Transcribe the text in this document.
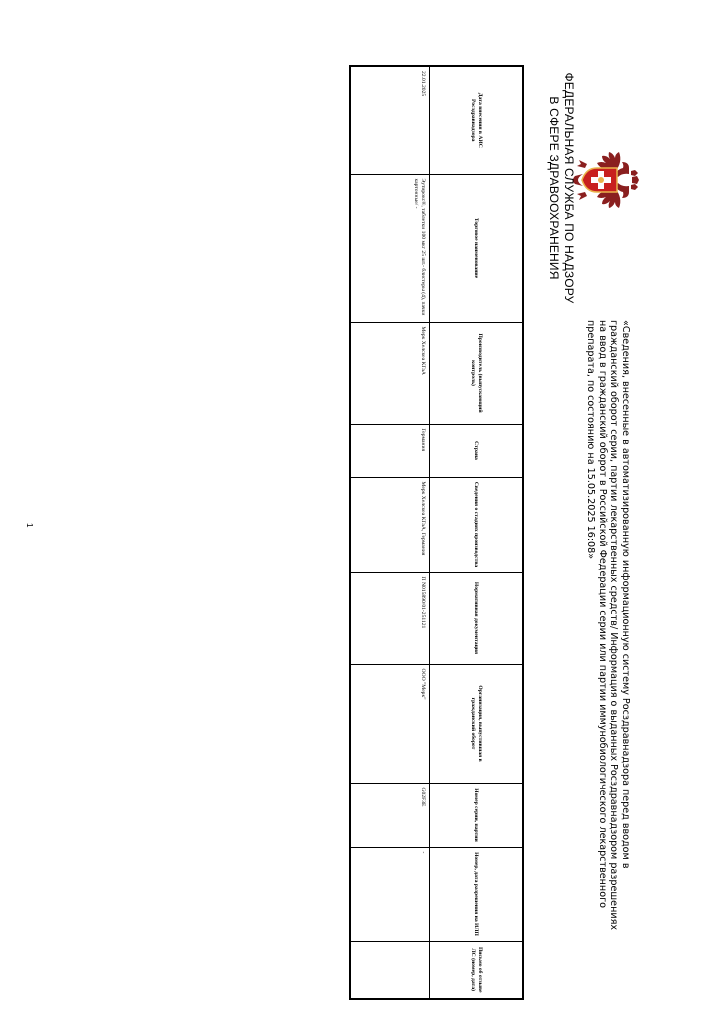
ФЕДЕРАЛЬНАЯ СЛУЖБА ПО НАДЗОРУ
В СФЕРЕ ЗДРАВООХРАНЕНИЯ
«Сведения, внесенные в автоматизированную информационную систему Росздравнадзора перед вводом в
гражданский оборот серии, партии лекарственных средств/ Информация о выданных Росздравнадзором разрешениях
на ввод в гражданский оборот в Российской Федерации серии или партии иммунобиологического лекарственного
препарата, по состоянию на 15.05.2025 16:08»
Дата внесения в АИС Росздравнадзора	Торговое наименование	Производитель (выпускающий контроль)	Страна	Сведения о стадиях производства	Нормативная документация	Организация, выпустившая в гражданский оборот	Номер серии, партии	Номер, дата разрешения на ИЛП	Письмо об отзыве ЛС (номер, дата)
22.01.2025	Эутирокс®, таблетки 100 мкг 25 шт.- блистеры (4), пачки картонные/ -	Мерк Хелскеа КГаА	Германия	Мерк Хелскеа КГаА, Германия	П N015890/01-251121	ООО "Мерк"	G02F3E	-	
1
